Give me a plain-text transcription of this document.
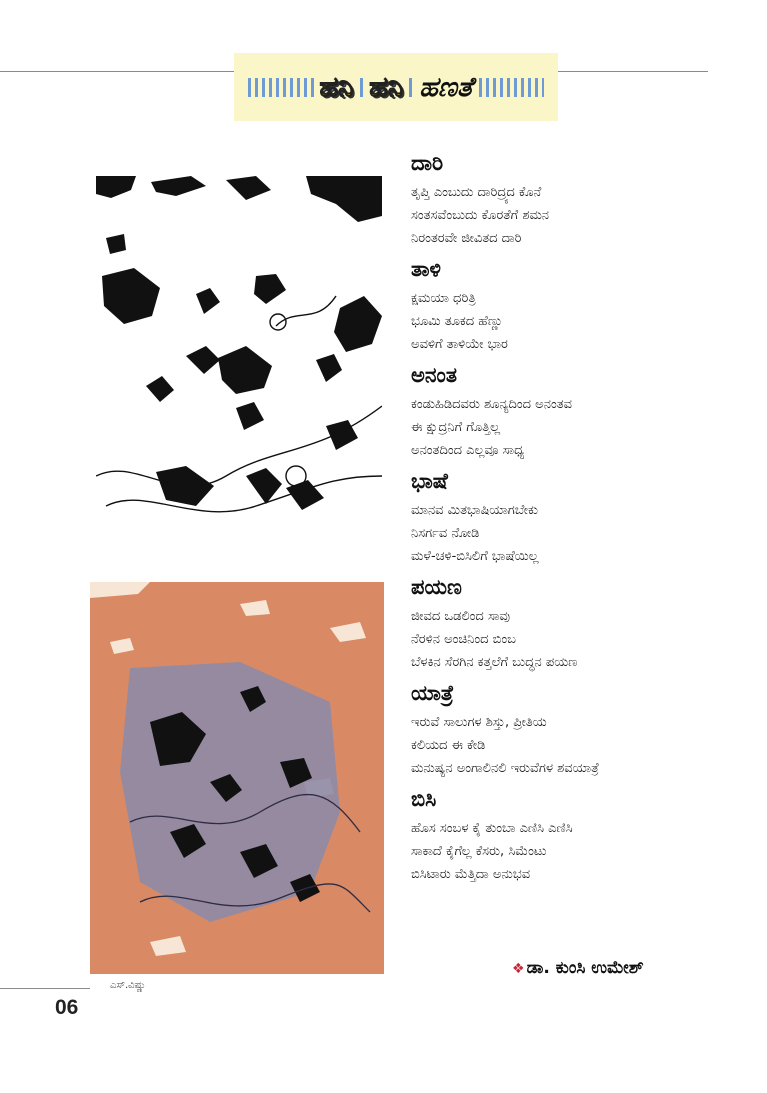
ಹನಿ ಹನಿ ಹಣತೆ
ಎಸ್.ವಿಷ್ಣು
06
ದಾರಿ
ತೃಪ್ತಿ ಎಂಬುದು ದಾರಿದ್ರ್ಯದ ಕೊನೆ
ಸಂತಸವೆಂಬುದು ಕೊರತೆಗೆ ಶಮನ
ನಿರಂತರವೇ ಜೀವಿತದ ದಾರಿ
ತಾಳಿ
ಕ್ಷಮಯಾ ಧರಿತ್ರಿ
ಭೂಮಿ ತೂಕದ ಹೆಣ್ಣು
ಅವಳಿಗೆ ತಾಳಿಯೇ ಭಾರ
ಅನಂತ
ಕಂಡುಹಿಡಿದವರು ಶೂನ್ಯದಿಂದ ಅನಂತವ
ಈ ಕ್ಷುದ್ರನಿಗೆ ಗೊತ್ತಿಲ್ಲ
ಅನಂತದಿಂದ ಎಲ್ಲವೂ ಸಾಧ್ಯ
ಭಾಷೆ
ಮಾನವ ಮಿತಭಾಷಿಯಾಗಬೇಕು
ನಿಸರ್ಗವ ನೋಡಿ
ಮಳೆ-ಚಳಿ-ಬಿಸಿಲಿಗೆ ಭಾಷೆಯಿಲ್ಲ
ಪಯಣ
ಜೀವದ ಒಡಲಿಂದ ಸಾವು
ನೆರಳಿನ ಅಂಚಿನಿಂದ ಬಿಂಬ
ಬೆಳಕಿನ ಸೆರಗಿನ ಕತ್ತಲೆಗೆ ಬುದ್ಧನ ಪಯಣ
ಯಾತ್ರೆ
ಇರುವೆ ಸಾಲುಗಳ ಶಿಸ್ತು, ಪ್ರೀತಿಯ
ಕಲಿಯದ ಈ ಕೇಡಿ
ಮನುಷ್ಯನ ಅಂಗಾಲಿನಲಿ ಇರುವೆಗಳ ಶವಯಾತ್ರೆ
ಬಿಸಿ
ಹೊಸ ಸಂಬಳ ಕೈ ತುಂಬಾ ಎಣಿಸಿ ಎಣಿಸಿ
ಸಾಕಾದೆ ಕೈಗೆಲ್ಲ ಕೆಸರು, ಸಿಮೆಂಟು
ಬಿಸಿಟಾರು ಮೆತ್ತಿದಾ ಅನುಭವ
❖ ಡಾ. ಕುಂಸಿ ಉಮೇಶ್
